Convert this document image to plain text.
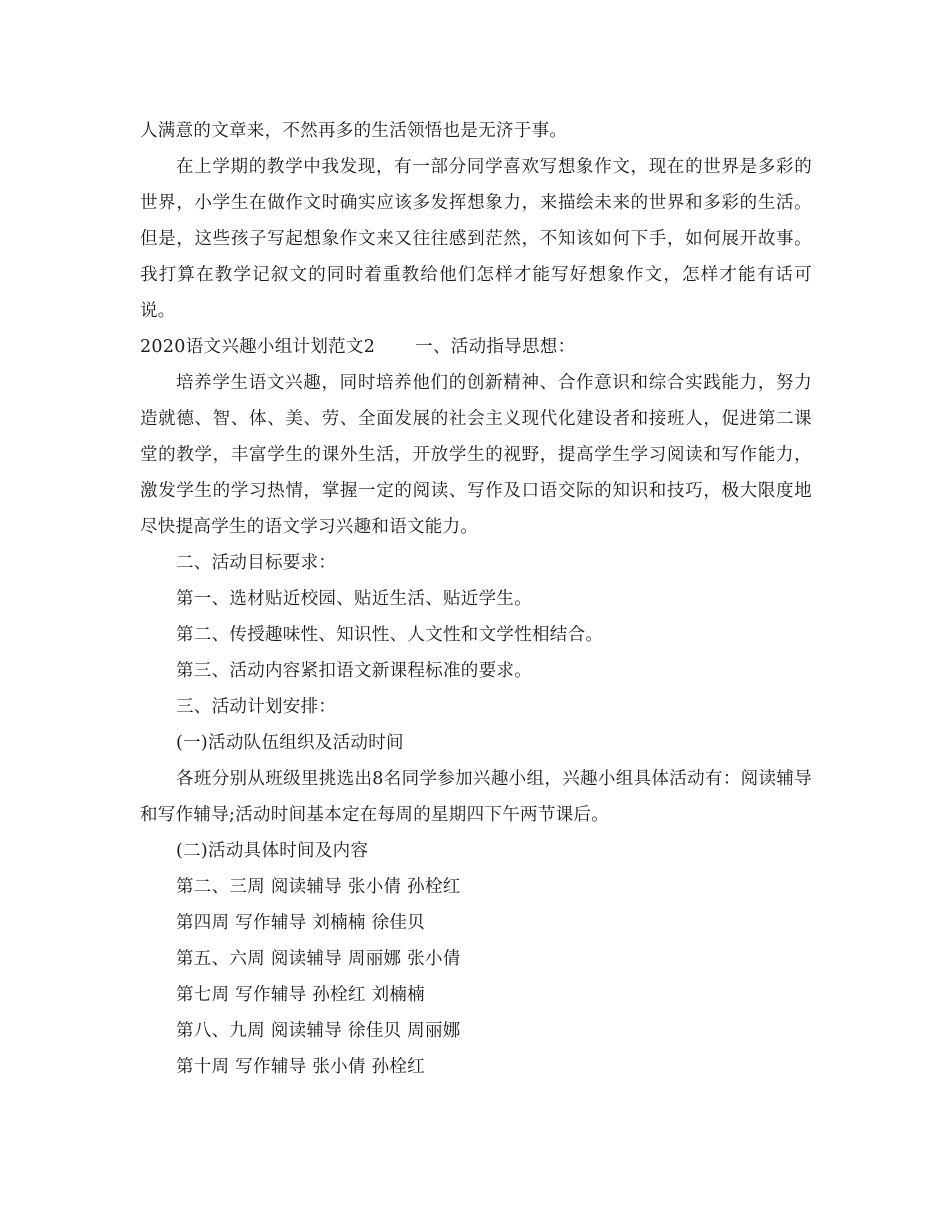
人满意的文章来，不然再多的生活领悟也是无济于事。

在上学期的教学中我发现，有一部分同学喜欢写想象作文，现在的世界是多彩的世界，小学生在做作文时确实应该多发挥想象力，来描绘未来的世界和多彩的生活。但是，这些孩子写起想象作文来又往往感到茫然，不知该如何下手，如何展开故事。我打算在教学记叙文的同时着重教给他们怎样才能写好想象作文，怎样才能有话可说。

2020语文兴趣小组计划范文2 一、活动指导思想：

培养学生语文兴趣，同时培养他们的创新精神、合作意识和综合实践能力，努力造就德、智、体、美、劳、全面发展的社会主义现代化建设者和接班人，促进第二课堂的教学，丰富学生的课外生活，开放学生的视野，提高学生学习阅读和写作能力，激发学生的学习热情，掌握一定的阅读、写作及口语交际的知识和技巧，极大限度地尽快提高学生的语文学习兴趣和语文能力。

二、活动目标要求：

第一、选材贴近校园、贴近生活、贴近学生。

第二、传授趣味性、知识性、人文性和文学性相结合。

第三、活动内容紧扣语文新课程标准的要求。

三、活动计划安排：

(一)活动队伍组织及活动时间

各班分别从班级里挑选出8名同学参加兴趣小组，兴趣小组具体活动有：阅读辅导和写作辅导;活动时间基本定在每周的星期四下午两节课后。

(二)活动具体时间及内容

第二、三周 阅读辅导 张小倩 孙栓红

第四周 写作辅导 刘楠楠 徐佳贝

第五、六周 阅读辅导 周丽娜 张小倩

第七周 写作辅导 孙栓红 刘楠楠

第八、九周 阅读辅导 徐佳贝 周丽娜

第十周 写作辅导 张小倩 孙栓红
